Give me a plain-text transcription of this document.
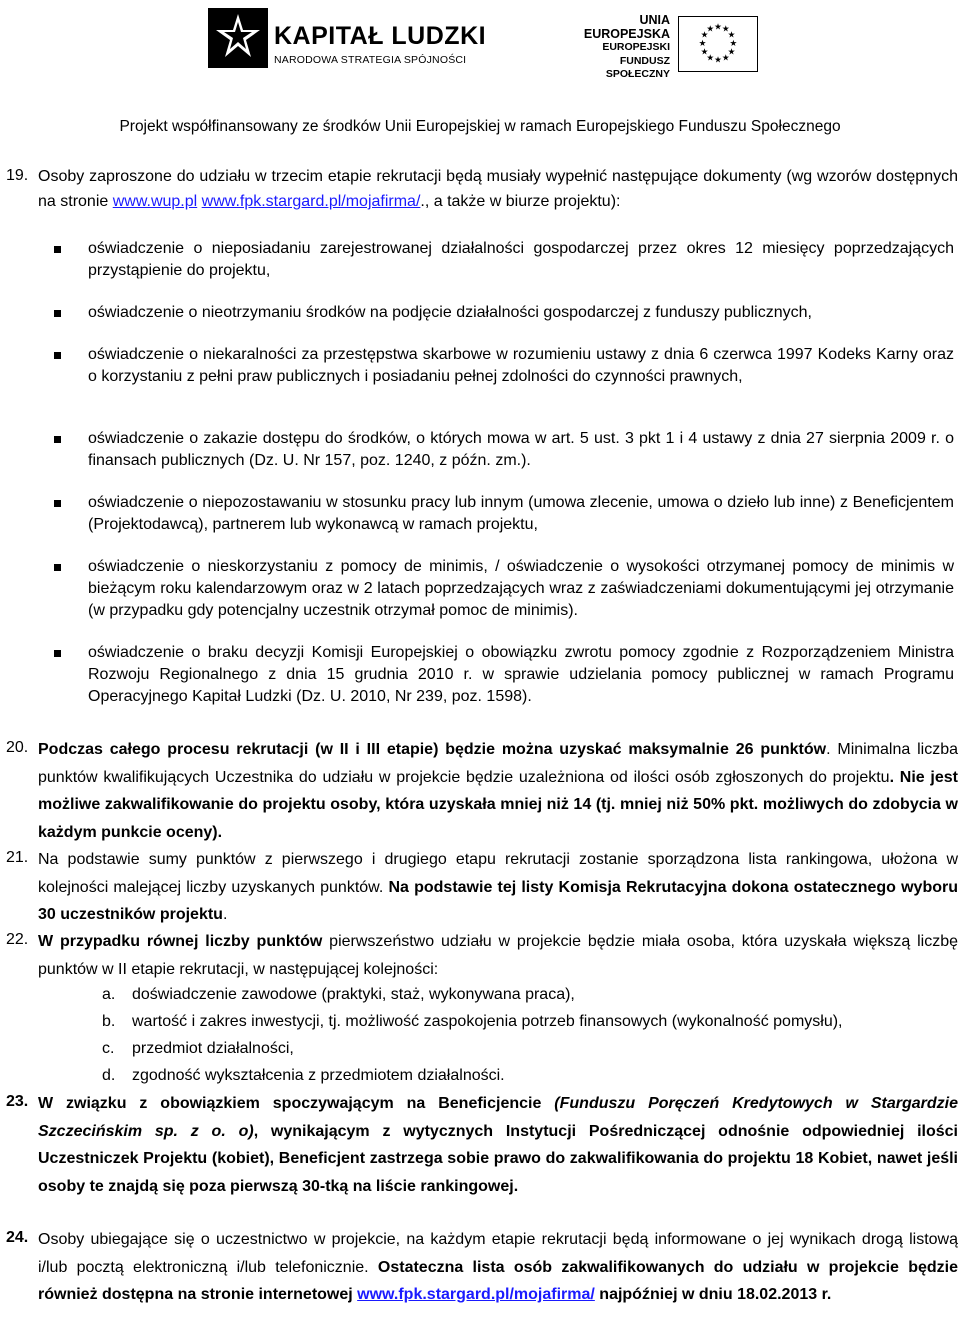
KAPITAŁ LUDZKI
NARODOWA STRATEGIA SPÓJNOŚCI
UNIA EUROPEJSKA
EUROPEJSKI
FUNDUSZ SPOŁECZNY
★ ★
★
★
★
★
★
★
★
★
★
★
Projekt współfinansowany ze środków Unii Europejskiej w ramach Europejskiego Funduszu Społecznego
19. Osoby zaproszone do udziału w trzecim etapie rekrutacji będą musiały wypełnić następujące dokumenty (wg wzorów dostępnych na stronie www.wup.pl www.fpk.stargard.pl/mojafirma/., a także w biurze projektu):
oświadczenie o nieposiadaniu zarejestrowanej działalności gospodarczej przez okres 12 miesięcy poprzedzających przystąpienie do projektu,
oświadczenie o nieotrzymaniu środków na podjęcie działalności gospodarczej z funduszy publicznych,
oświadczenie o niekaralności za przestępstwa skarbowe w rozumieniu ustawy z dnia 6 czerwca 1997 Kodeks Karny oraz o korzystaniu z pełni praw publicznych i posiadaniu pełnej zdolności do czynności prawnych,
oświadczenie o zakazie dostępu do środków, o których mowa w art. 5 ust. 3 pkt 1 i 4 ustawy z dnia 27 sierpnia 2009 r. o finansach publicznych (Dz. U. Nr 157, poz. 1240, z późn. zm.).
oświadczenie o niepozostawaniu w stosunku pracy lub innym (umowa zlecenie, umowa o dzieło lub inne) z Beneficjentem (Projektodawcą), partnerem lub wykonawcą w ramach projektu,
oświadczenie o nieskorzystaniu z pomocy de minimis, / oświadczenie o wysokości otrzymanej pomocy de minimis w bieżącym roku kalendarzowym oraz w 2 latach poprzedzających wraz z zaświadczeniami dokumentującymi jej otrzymanie (w przypadku gdy potencjalny uczestnik otrzymał pomoc de minimis).
oświadczenie o braku decyzji Komisji Europejskiej o obowiązku zwrotu pomocy zgodnie z Rozporządzeniem Ministra Rozwoju Regionalnego z dnia 15 grudnia 2010 r. w sprawie udzielania pomocy publicznej w ramach Programu Operacyjnego Kapitał Ludzki (Dz. U. 2010, Nr 239, poz. 1598).
20. Podczas całego procesu rekrutacji (w II i III etapie) będzie można uzyskać maksymalnie 26 punktów. Minimalna liczba punktów kwalifikujących Uczestnika do udziału w projekcie będzie uzależniona od ilości osób zgłoszonych do projektu. Nie jest możliwe zakwalifikowanie do projektu osoby, która uzyskała mniej niż 14 (tj. mniej niż 50% pkt. możliwych do zdobycia w każdym punkcie oceny).
21. Na podstawie sumy punktów z pierwszego i drugiego etapu rekrutacji zostanie sporządzona lista rankingowa, ułożona w kolejności malejącej liczby uzyskanych punktów. Na podstawie tej listy Komisja Rekrutacyjna dokona ostatecznego wyboru 30 uczestników projektu.
22. W przypadku równej liczby punktów pierwszeństwo udziału w projekcie będzie miała osoba, która uzyskała większą liczbę punktów w II etapie rekrutacji, w następującej kolejności:
a. doświadczenie zawodowe (praktyki, staż, wykonywana praca),
b. wartość i zakres inwestycji, tj. możliwość zaspokojenia potrzeb finansowych (wykonalność pomysłu),
c. przedmiot działalności,
d. zgodność wykształcenia z przedmiotem działalności.
23. W związku z obowiązkiem spoczywającym na Beneficjencie (Funduszu Poręczeń Kredytowych w Stargardzie Szczecińskim sp. z o. o), wynikającym z wytycznych Instytucji Pośredniczącej odnośnie odpowiedniej ilości Uczestniczek Projektu (kobiet), Beneficjent zastrzega sobie prawo do zakwalifikowania do projektu 18 Kobiet, nawet jeśli osoby te znajdą się poza pierwszą 30-tką na liście rankingowej.
24. Osoby ubiegające się o uczestnictwo w projekcie, na każdym etapie rekrutacji będą informowane o jej wynikach drogą listową i/lub pocztą elektroniczną i/lub telefonicznie. Ostateczna lista osób zakwalifikowanych do udziału w projekcie będzie również dostępna na stronie internetowej www.fpk.stargard.pl/mojafirma/ najpóźniej w dniu 18.02.2013 r.
